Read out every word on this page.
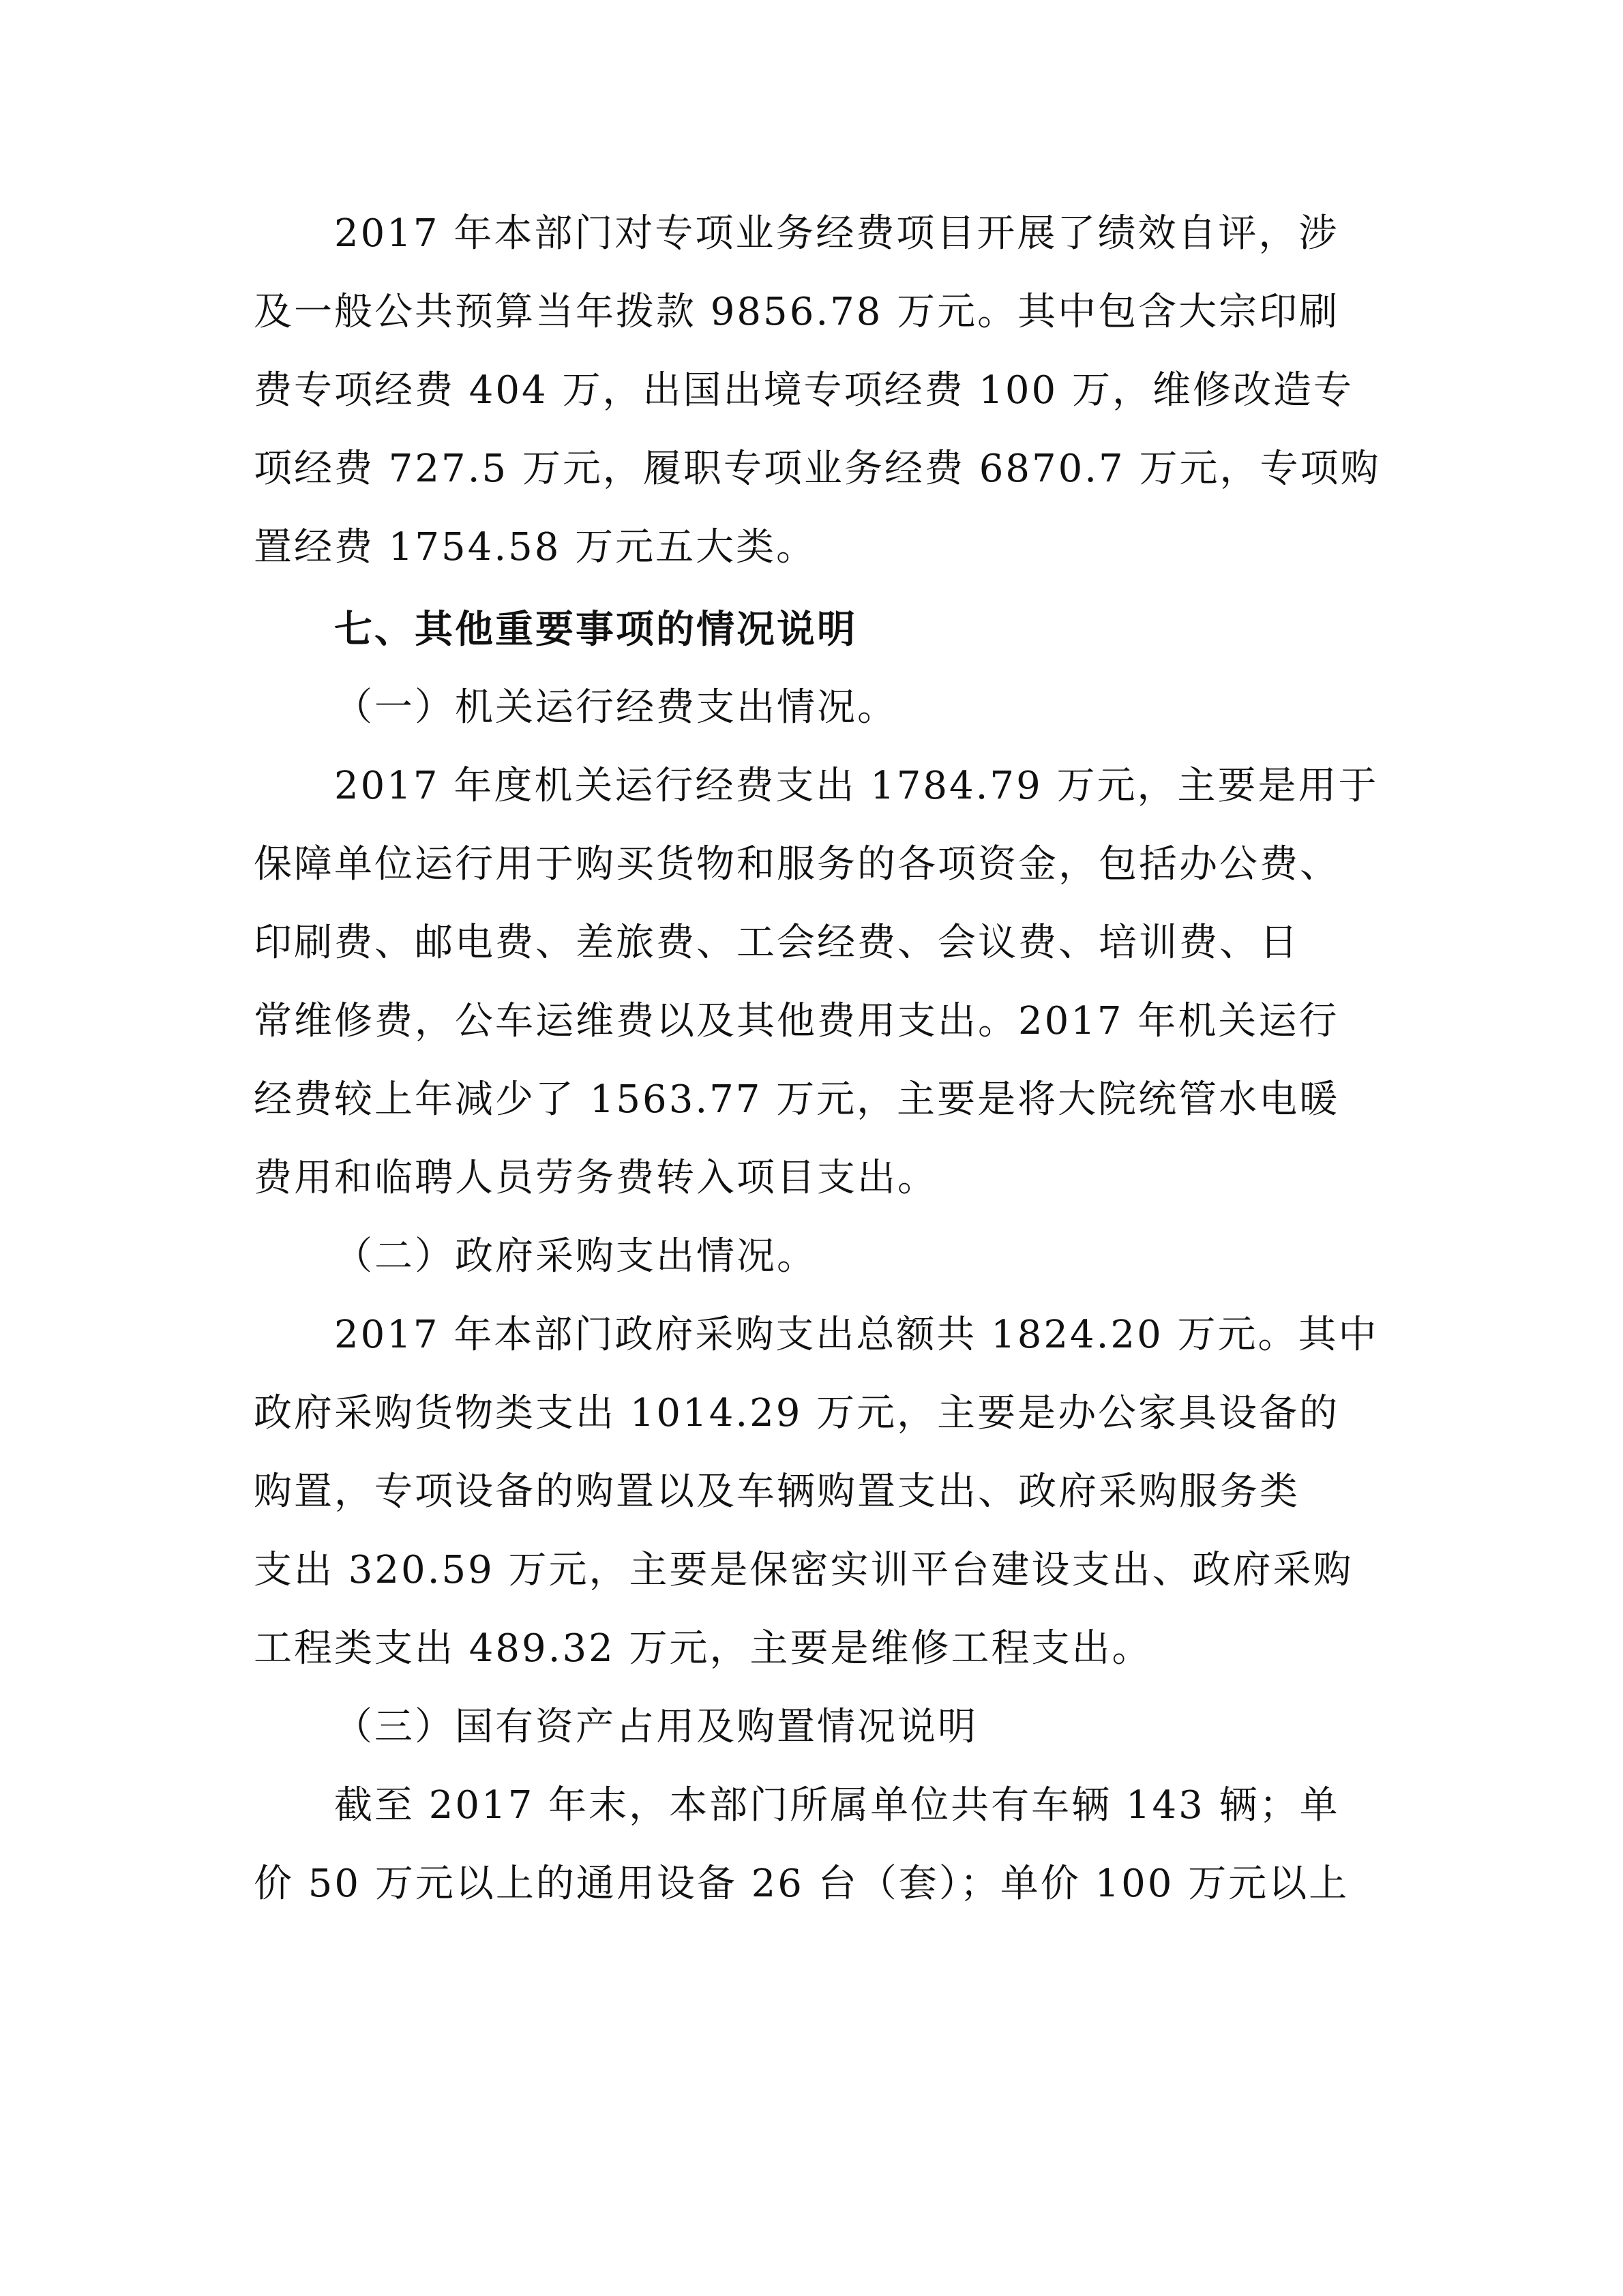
2017 年本部门对专项业务经费项目开展了绩效自评，涉

及一般公共预算当年拨款 9856.78 万元。其中包含大宗印刷

费专项经费 404 万，出国出境专项经费 100 万，维修改造专

项经费 727.5 万元，履职专项业务经费 6870.7 万元，专项购

置经费 1754.58 万元五大类。

七、其他重要事项的情况说明

（一）机关运行经费支出情况。

2017 年度机关运行经费支出 1784.79 万元，主要是用于

保障单位运行用于购买货物和服务的各项资金，包括办公费、

印刷费、邮电费、差旅费、工会经费、会议费、培训费、日

常维修费，公车运维费以及其他费用支出。2017 年机关运行

经费较上年减少了 1563.77 万元，主要是将大院统管水电暖

费用和临聘人员劳务费转入项目支出。

（二）政府采购支出情况。

2017 年本部门政府采购支出总额共 1824.20 万元。其中

政府采购货物类支出 1014.29 万元，主要是办公家具设备的

购置，专项设备的购置以及车辆购置支出、政府采购服务类

支出 320.59 万元，主要是保密实训平台建设支出、政府采购

工程类支出 489.32 万元，主要是维修工程支出。

（三）国有资产占用及购置情况说明

截至 2017 年末，本部门所属单位共有车辆 143 辆；单

价 50 万元以上的通用设备 26 台（套）；单价 100 万元以上
